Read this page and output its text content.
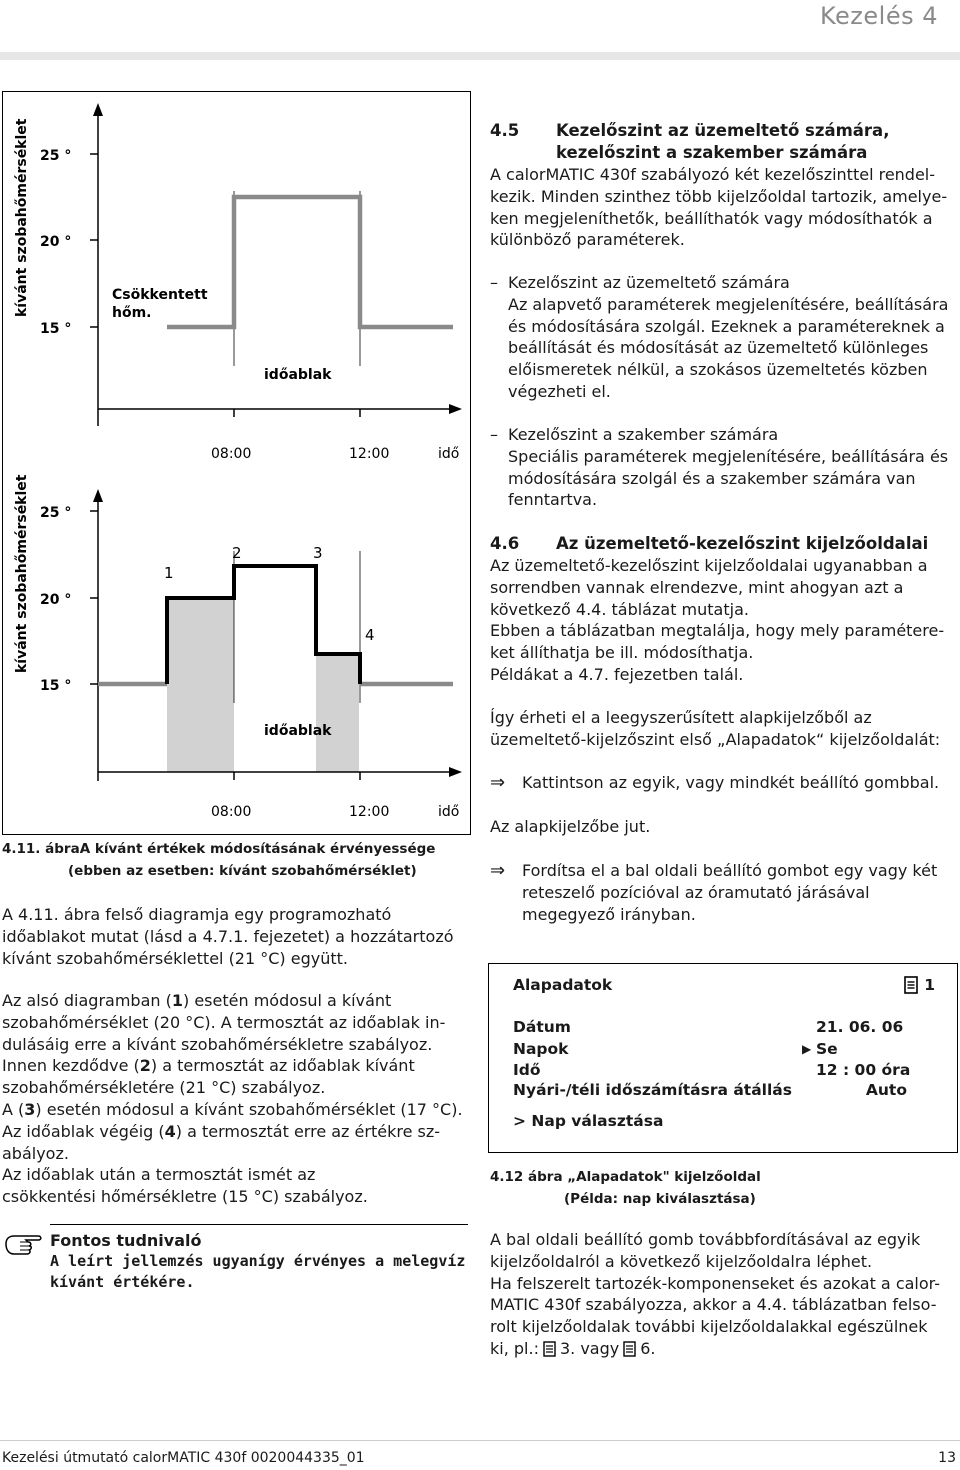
Kezelés 4
kívánt szobahőmérséklet 25 °
20 °
15 °
Csökkentett
hőm.
időablak
08:00	12:00	idő
kívánt szobahőmérséklet 25 °
20 °
15 °
1
2	3
4
időablak
08:00	12:00	idő
4.11. ábraA kívánt értékek módosításának érvényessége
(ebben az esetben: kívánt szobahőmérséklet)
A 4.11. ábra felső diagramja egy programozható
időablakot mutat (lásd a 4.7.1. fejezetet) a hozzátartozó
kívánt szobahőmérséklettel (21 °C) együtt.
Az alsó diagramban (1) esetén módosul a kívánt
szobahőmérséklet (20 °C). A termosztát az időablak in-
dulásáig erre a kívánt szobahőmérsékletre szabályoz.
Innen kezdődve (2) a termosztát az időablak kívánt
szobahőmérsékletére (21 °C) szabályoz.
A (3) esetén módosul a kívánt szobahőmérséklet (17 °C).
Az időablak végéig (4) a termosztát erre az értékre sz-
abályoz.
Az időablak után a termosztát ismét az
csökkentési hőmérsékletre (15 °C) szabályoz.
Fontos tudnivaló
A leírt jellemzés ugyanígy érvényes a melegvíz
kívánt értékére.
4.5	Kezelőszint az üzemeltető számára,
kezelőszint a szakember számára
A calorMATIC 430f szabályozó két kezelőszinttel rendel-
kezik. Minden szinthez több kijelzőoldal tartozik, amelye-
ken megjeleníthetők, beállíthatók vagy módosíthatók a
különböző paraméterek.
– Kezelőszint az üzemeltető számára
Az alapvető paraméterek megjelenítésére, beállítására
és módosítására szolgál. Ezeknek a paramétereknek a
beállítását és módosítását az üzemeltető különleges
előismeretek nélkül, a szokásos üzemeltetés közben
végezheti el.
– Kezelőszint a szakember számára
Speciális paraméterek megjelenítésére, beállítására és
módosítására szolgál és a szakember számára van
fenntartva.
4.6	Az üzemeltető-kezelőszint kijelzőoldalai
Az üzemeltető-kezelőszint kijelzőoldalai ugyanabban a
sorrendben vannak elrendezve, mint ahogyan azt a
következő 4.4. táblázat mutatja.
Ebben a táblázatban megtalálja, hogy mely paramétere-
ket állíthatja be ill. módosíthatja.
Példákat a 4.7. fejezetben talál.
Így érheti el a leegyszerűsített alapkijelzőből az
üzemeltető-kijelzőszint első „Alapadatok“ kijelzőoldalát:
⇒	Kattintson az egyik, vagy mindkét beállító gombbal.
Az alapkijelzőbe jut.
⇒	Fordítsa el a bal oldali beállító gombot egy vagy két
reteszelő pozícióval az óramutató járásával
megegyező irányban.
Alapadatok	1
Dátum	21. 06. 06
Napok	▶ Se
Idő	12 : 00 óra
Nyári-/téli időszámításra átállás	Auto
> Nap választása
4.12 ábra „Alapadatok" kijelzőoldal
(Példa: nap kiválasztása)
A bal oldali beállító gomb továbbfordításával az egyik
kijelzőoldalról a következő kijelzőoldalra léphet.
Ha felszerelt tartozék-komponenseket és azokat a calor-
MATIC 430f szabályozza, akkor a 4.4. táblázatban felso-
rolt kijelzőoldalak további kijelzőoldalakkal egészülnek
ki, pl.: 3. vagy 6.
Kezelési útmutató calorMATIC 430f 0020044335_01	13
